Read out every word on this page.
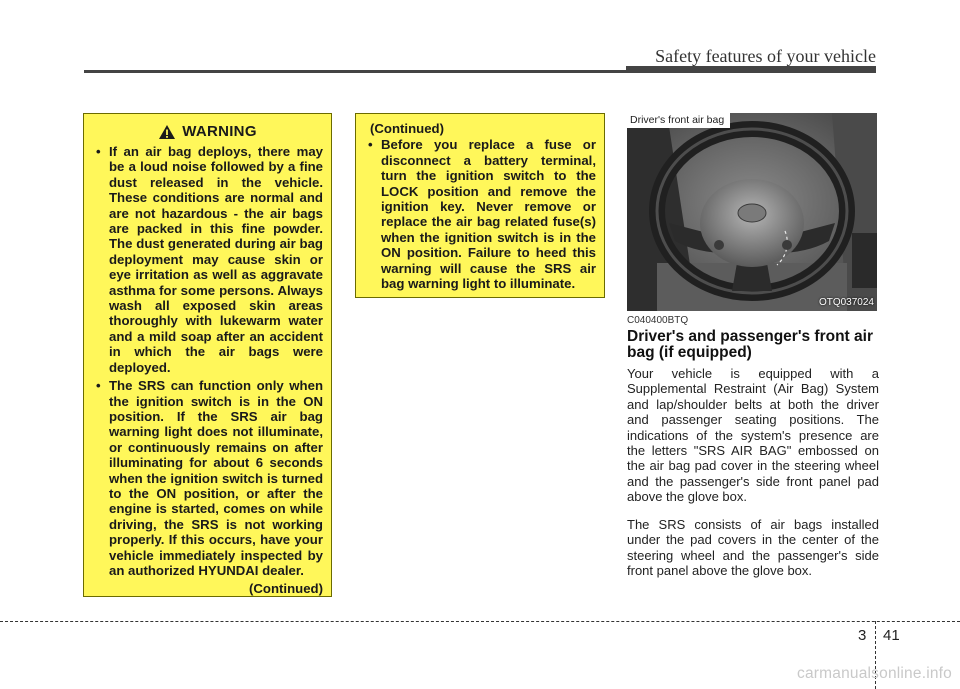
Safety features of your vehicle
WARNING
• If an air bag deploys, there may be a loud noise followed by a fine dust released in the vehicle. These conditions are normal and are not hazardous - the air bags are packed in this fine powder. The dust generated during air bag deployment may cause skin or eye irritation as well as aggravate asthma for some persons. Always wash all exposed skin areas thoroughly with lukewarm water and a mild soap after an accident in which the air bags were deployed.
• The SRS can function only when the ignition switch is in the ON position. If the SRS air bag warning light does not illuminate, or continuously remains on after illuminating for about 6 seconds when the ignition switch is turned to the ON position, or after the engine is started, comes on while driving, the SRS is not working properly. If this occurs, have your vehicle immediately inspected by an authorized HYUNDAI dealer.
(Continued)
(Continued)
• Before you replace a fuse or disconnect a battery terminal, turn the ignition switch to the LOCK position and remove the ignition key. Never remove or replace the air bag related fuse(s) when the ignition switch is in the ON position. Failure to heed this warning will cause the SRS air bag warning light to illuminate.
Driver's front air bag
OTQ037024
C040400BTQ
Driver's and passenger's front air bag (if equipped)
Your vehicle is equipped with a Supplemental Restraint (Air Bag) System and lap/shoulder belts at both the driver and passenger seating positions. The indications of the system's presence are the letters "SRS AIR BAG" embossed on the air bag pad cover in the steering wheel and the passenger's side front panel pad above the glove box.
The SRS consists of air bags installed under the pad covers in the center of the steering wheel and the passenger's side front panel above the glove box.
3 41
carmanualsonline.info
